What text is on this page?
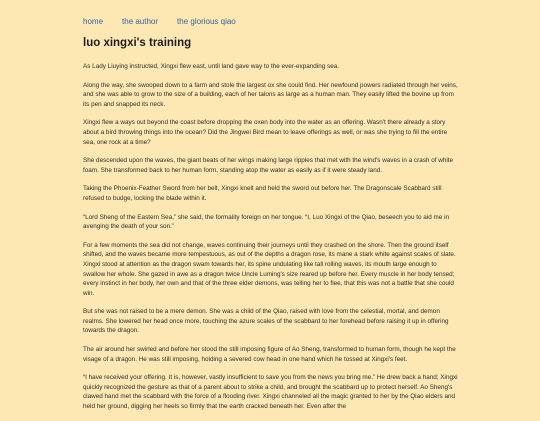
home the author the glorious qiao
luo xingxi's training

As Lady Liuying instructed, Xingxi flew east, until land gave way to the ever-expanding sea.

Along the way, she swooped down to a farm and stole the largest ox she could find. Her newfound powers radiated through her veins, and she was able to grow to the size of a building, each of her talons as large as a human man. They easily lifted the bovine up from its pen and snapped its neck.

Xingxi flew a ways out beyond the coast before dropping the oxen body into the water as an offering. Wasn't there already a story about a bird throwing things into the ocean? Did the Jingwei Bird mean to leave offerings as well, or was she trying to fill the entire sea, one rock at a time?

She descended upon the waves, the giant beats of her wings making large ripples that met with the wind's waves in a crash of white foam. She transformed back to her human form, standing atop the water as easily as if it were steady land.

Taking the Phoenix-Feather Sword from her belt, Xingxi knelt and held the sword out before her. The Dragonscale Scabbard still refused to budge, locking the blade within it.

“Lord Sheng of the Eastern Sea,” she said, the formality foreign on her tongue. “I, Luo Xingxi of the Qiao, beseech you to aid me in avenging the death of your son.”

For a few moments the sea did not change, waves continuing their journeys until they crashed on the shore. Then the ground itself shifted, and the waves became more tempestuous, as out of the depths a dragon rose, its mane a stark white against scales of slate. Xingxi stood at attention as the dragon swam towards her, its spine undulating like tall rolling waves, its mouth large enough to swallow her whole. She gazed in awe as a dragon twice Uncle Luming's size reared up before her. Every muscle in her body tensed; every instinct in her body, her own and that of the three elder demons, was telling her to flee, that this was not a battle that she could win.

But she was not raised to be a mere demon. She was a child of the Qiao, raised with love from the celestial, mortal, and demon realms. She lowered her head once more, touching the azure scales of the scabbard to her forehead before raising it up in offering towards the dragon.

The air around her swirled and before her stood the still imposing figure of Ao Sheng, transformed to human form, though he kept the visage of a dragon. He was still imposing, holding a severed cow head in one hand which he tossed at Xingxi's feet.

“I have received your offering. It is, however, vastly insufficient to save you from the news you bring me.” He drew back a hand; Xingxi quickly recognized the gesture as that of a parent about to strike a child, and brought the scabbard up to protect herself. Ao Sheng's clawed hand met the scabbard with the force of a flooding river. Xingxi channeled all the magic granted to her by the Qiao elders and held her ground, digging her heels so firmly that the earth cracked beneath her. Even after the
